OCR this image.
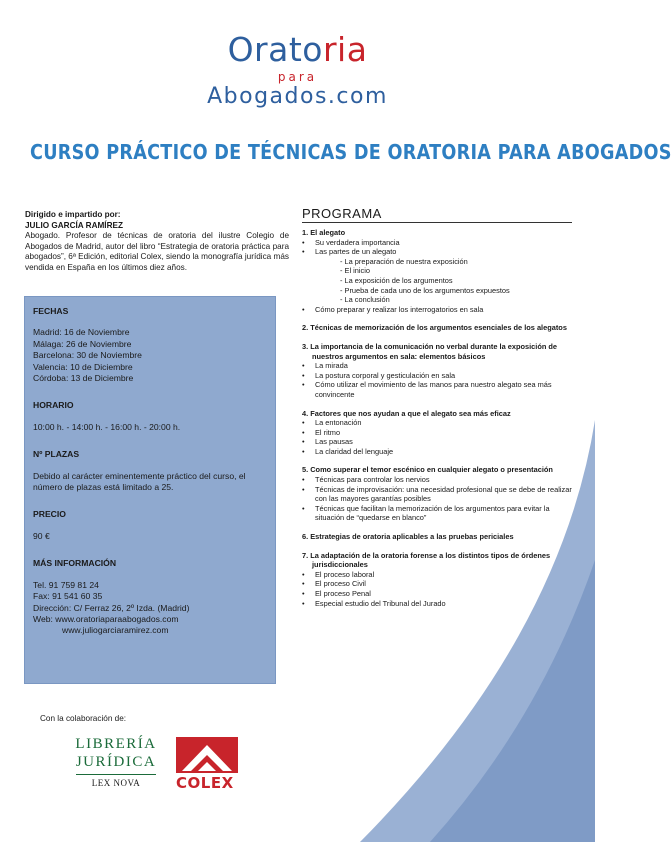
Oratoria
para
Abogados.com
CURSO PRÁCTICO DE TÉCNICAS DE ORATORIA PARA ABOGADOS
Dirigido e impartido por:
JULIO GARCÍA RAMÍREZ
Abogado. Profesor de técnicas de oratoria del ilustre Colegio de Abogados de Madrid, autor del libro “Estrategia de oratoria práctica para abogados”, 6ª Edición, editorial Colex, siendo la monografía jurídica más vendida en España en los últimos diez años.

FECHAS

Madrid: 16 de Noviembre

Málaga: 26 de Noviembre

Barcelona: 30 de Noviembre

Valencia: 10 de Diciembre

Córdoba: 13 de Diciembre

HORARIO

10:00 h. - 14:00 h. - 16:00 h. - 20:00 h.

Nº PLAZAS

Debido al carácter eminentemente práctico del curso, el número de plazas está limitado a 25.

PRECIO

90 €

MÁS INFORMACIÓN

Tel. 91 759 81 24

Fax: 91 541 60 35

Dirección: C/ Ferraz 26, 2º Izda. (Madrid)

Web: www.oratoriaparaabogados.com

www.juliogarciaramirez.com

Con la colaboración de:
LIBRERÍA
JURÍDICA
LEX NOVA	COLEX
PROGRAMA
1. El alegato
• Su verdadera importancia
• Las partes de un alegato
- La preparación de nuestra exposición
- El inicio
- La exposición de los argumentos
- Prueba de cada uno de los argumentos expuestos
- La conclusión
• Cómo preparar y realizar los interrogatorios en sala
2. Técnicas de memorización de los argumentos esenciales de los alegatos
3. La importancia de la comunicación no verbal durante la exposición de nuestros argumentos en sala: elementos básicos
• La mirada
• La postura corporal y gesticulación en sala
• Cómo utilizar el movimiento de las manos para nuestro alegato sea más convincente
4. Factores que nos ayudan a que el alegato sea más eficaz
• La entonación
• El ritmo
• Las pausas
• La claridad del lenguaje
5. Como superar el temor escénico en cualquier alegato o presentación
• Técnicas para controlar los nervios
• Técnicas de improvisación: una necesidad profesional que se debe de realizar con las mayores garantías posibles
• Técnicas que facilitan la memorización de los argumentos para evitar la situación de “quedarse en blanco”
6. Estrategias de oratoria aplicables a las pruebas periciales
7. La adaptación de la oratoria forense a los distintos tipos de órdenes jurisdiccionales
• El proceso laboral
• El proceso Civil
• El proceso Penal
• Especial estudio del Tribunal del Jurado
